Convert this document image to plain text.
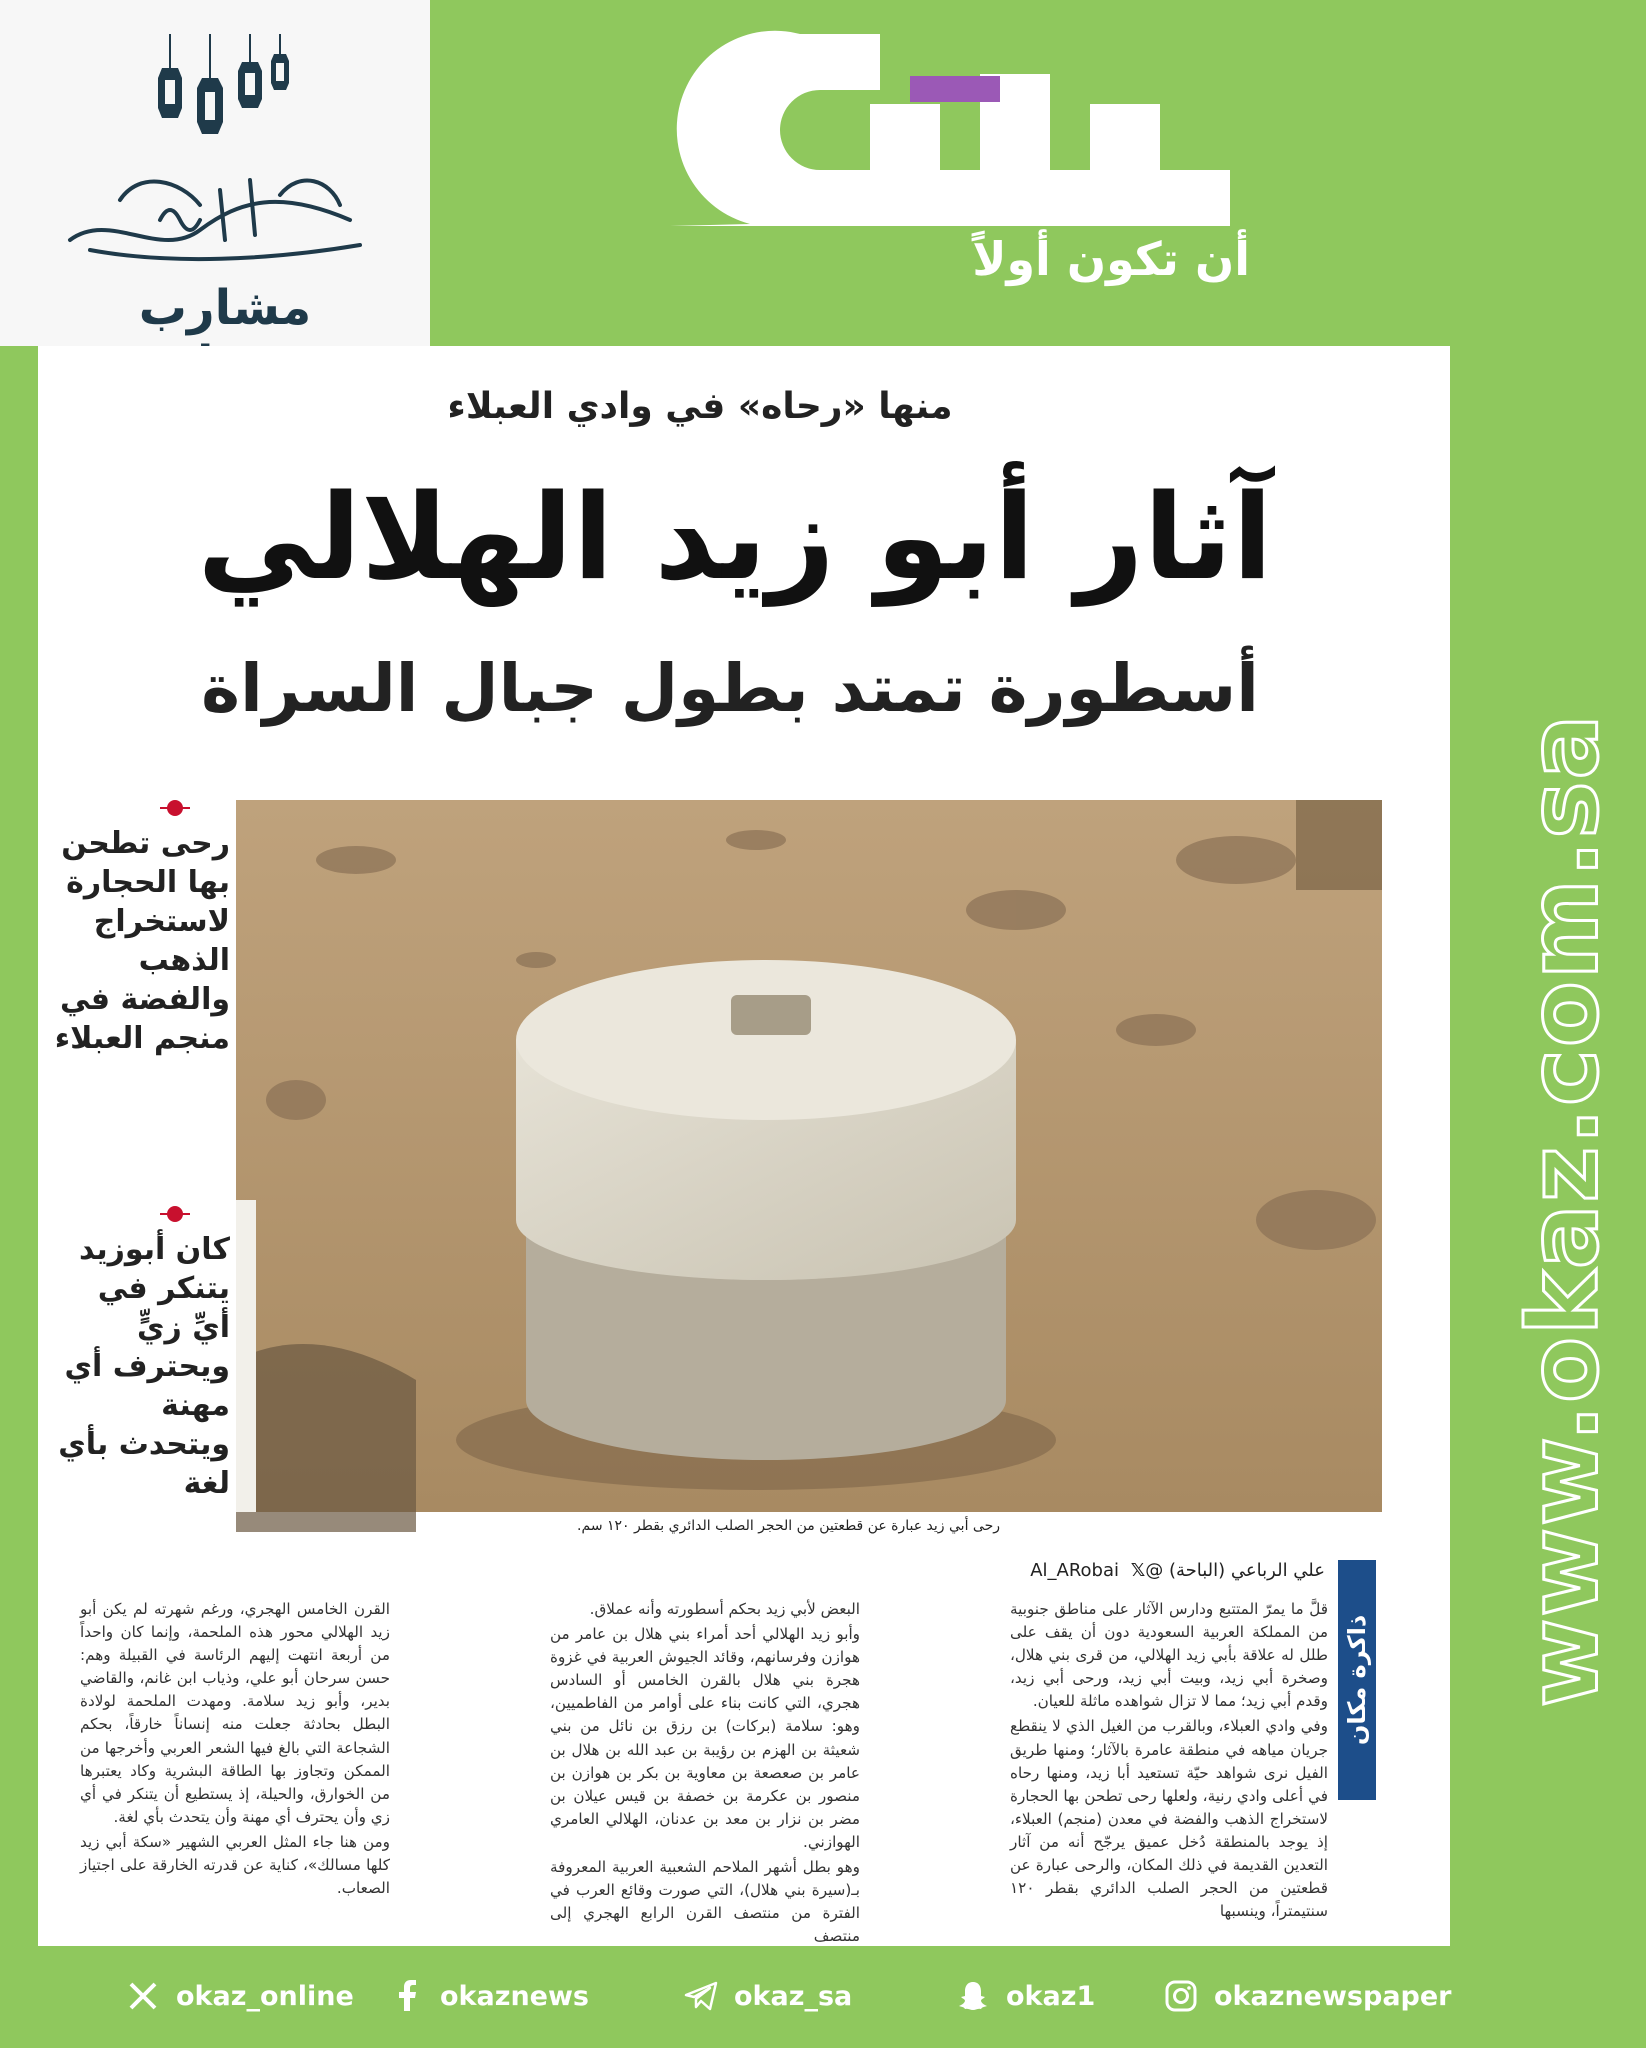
مشارب
أن تكون أولاً
منها «رحاه» في وادي العبلاء
آثار أبو زيد الهلالي
أسطورة تمتد بطول جبال السراة
رحى أبي زيد عبارة عن قطعتين من الحجر الصلب الدائري بقطر ١٢٠ سم.
رحى تطحن بها الحجارة لاستخراج الذهب والفضة في منجم العبلاء
كان أبوزيد يتنكر في أيِّ زيٍّ ويحترف أي مهنة ويتحدث بأي لغة
علي الرباعي (الباحة) @Al_ARobai 𝕏
ذاكرة مكان

قلَّ ما يمرّ المتتبع ودارس الآثار على مناطق جنوبية من المملكة العربية السعودية دون أن يقف على طلل له علاقة بأبي زيد الهلالي، من قرى بني هلال، وصخرة أبي زيد، وبيت أبي زيد، ورحى أبي زيد، وقدم أبي زيد؛ مما لا تزال شواهده ماثلة للعيان.

وفي وادي العبلاء، وبالقرب من الغيل الذي لا ينقطع جريان مياهه في منطقة عامرة بالآثار؛ ومنها طريق الفيل نرى شواهد حيّة تستعيد أبا زيد، ومنها رحاه في أعلى وادي رنية، ولعلها رحى تطحن بها الحجارة لاستخراج الذهب والفضة في معدن (منجم) العبلاء، إذ يوجد بالمنطقة دُخل عميق يرجّح أنه من آثار التعدين القديمة في ذلك المكان، والرحى عبارة عن قطعتين من الحجر الصلب الدائري بقطر ١٢٠ سنتيمتراً، وينسبها

البعض لأبي زيد بحكم أسطورته وأنه عملاق.

وأبو زيد الهلالي أحد أمراء بني هلال بن عامر من هوازن وفرسانهم، وقائد الجيوش العربية في غزوة هجرة بني هلال بالقرن الخامس أو السادس هجري، التي كانت بناء على أوامر من الفاطميين، وهو: سلامة (بركات) بن رزق بن نائل من بني شعيثة بن الهزم بن رؤيبة بن عبد الله بن هلال بن عامر بن صعصعة بن معاوية بن بكر بن هوازن بن منصور بن عكرمة بن خصفة بن قيس عيلان بن مضر بن نزار بن معد بن عدنان، الهلالي العامري الهوازني.

وهو بطل أشهر الملاحم الشعبية العربية المعروفة بـ(سيرة بني هلال)، التي صورت وقائع العرب في الفترة من منتصف القرن الرابع الهجري إلى منتصف

القرن الخامس الهجري، ورغم شهرته لم يكن أبو زيد الهلالي محور هذه الملحمة، وإنما كان واحداً من أربعة انتهت إليهم الرئاسة في القبيلة وهم: حسن سرحان أبو علي، وذياب ابن غانم، والقاضي بدير، وأبو زيد سلامة. ومهدت الملحمة لولادة البطل بحادثة جعلت منه إنساناً خارقاً، بحكم الشجاعة التي بالغ فيها الشعر العربي وأخرجها من الممكن وتجاوز بها الطاقة البشرية وكاد يعتبرها من الخوارق، والحيلة، إذ يستطيع أن يتنكر في أي زي وأن يحترف أي مهنة وأن يتحدث بأي لغة.

ومن هنا جاء المثل العربي الشهير «سكة أبي زيد كلها مسالك»، كناية عن قدرته الخارقة على اجتياز الصعاب.

www.okaz.com.sa
okaz_online	okaznews	okaz_sa	okaz1	okaznewspaper
